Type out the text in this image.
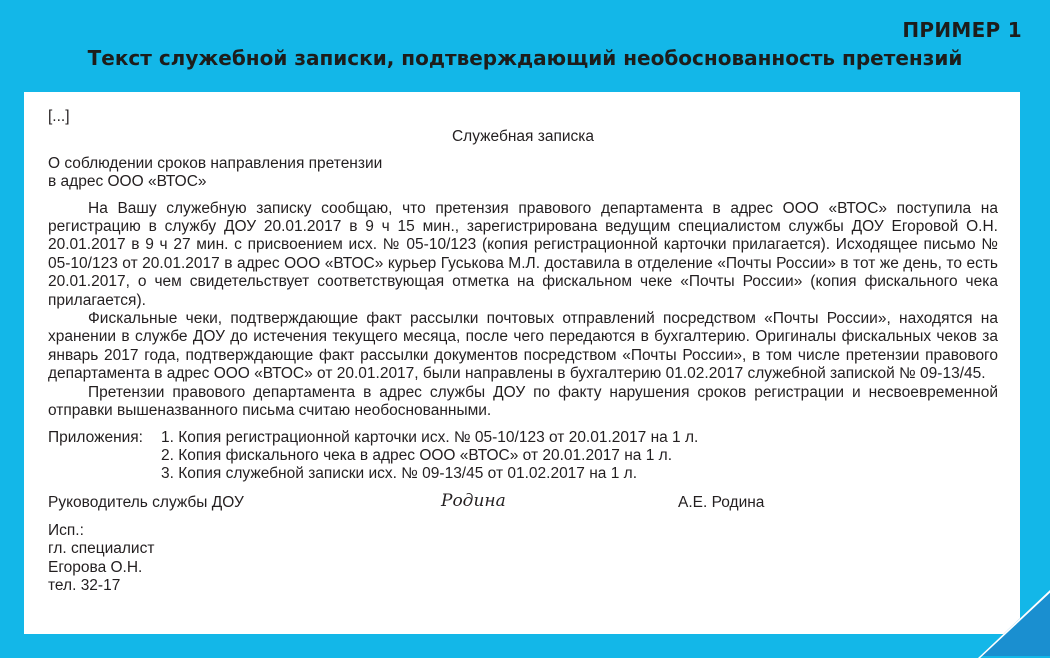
ПРИМЕР 1
Текст служебной записки, подтверждающий необоснованность претензий

[...]

Служебная записка

О соблюдении сроков направления претензии

в адрес ООО «ВТОС»

На Вашу служебную записку сообщаю, что претензия правового департамента в адрес ООО «ВТОС» поступила на регистрацию в службу ДОУ 20.01.2017 в 9 ч 15 мин., зарегистрирована ведущим специалистом службы ДОУ Егоровой О.Н. 20.01.2017 в 9 ч 27 мин. с присвоением исх. № 05-10/123 (копия регистрационной карточки прилагается). Исходящее письмо № 05-10/123 от 20.01.2017 в адрес ООО «ВТОС» курьер Гуськова М.Л. доставила в отделение «Почты России» в тот же день, то есть 20.01.2017, о чем свидетельствует соответствующая отметка на фискальном чеке «Почты России» (копия фискального чека прилагается).

Фискальные чеки, подтверждающие факт рассылки почтовых отправлений посредством «Почты России», находятся на хранении в службе ДОУ до истечения текущего месяца, после чего передаются в бухгалтерию. Оригиналы фискальных чеков за январь 2017 года, подтверждающие факт рассылки документов посредством «Почты России», в том числе претензии правового департамента в адрес ООО «ВТОС» от 20.01.2017, были направлены в бухгалтерию 01.02.2017 служебной запиской № 09-13/45.

Претензии правового департамента в адрес службы ДОУ по факту нарушения сроков регистрации и несвоевременной отправки вышеназванного письма считаю необоснованными.

Приложения:	1. Копия регистрационной карточки исх. № 05-10/123 от 20.01.2017 на 1 л.

2. Копия фискального чека в адрес ООО «ВТОС» от 20.01.2017 на 1 л.

3. Копия служебной записки исх. № 09-13/45 от 01.02.2017 на 1 л.

Руководитель службы ДОУ	Родина	А.Е. Родина

Исп.:

гл. специалист

Егорова О.Н.

тел. 32-17
